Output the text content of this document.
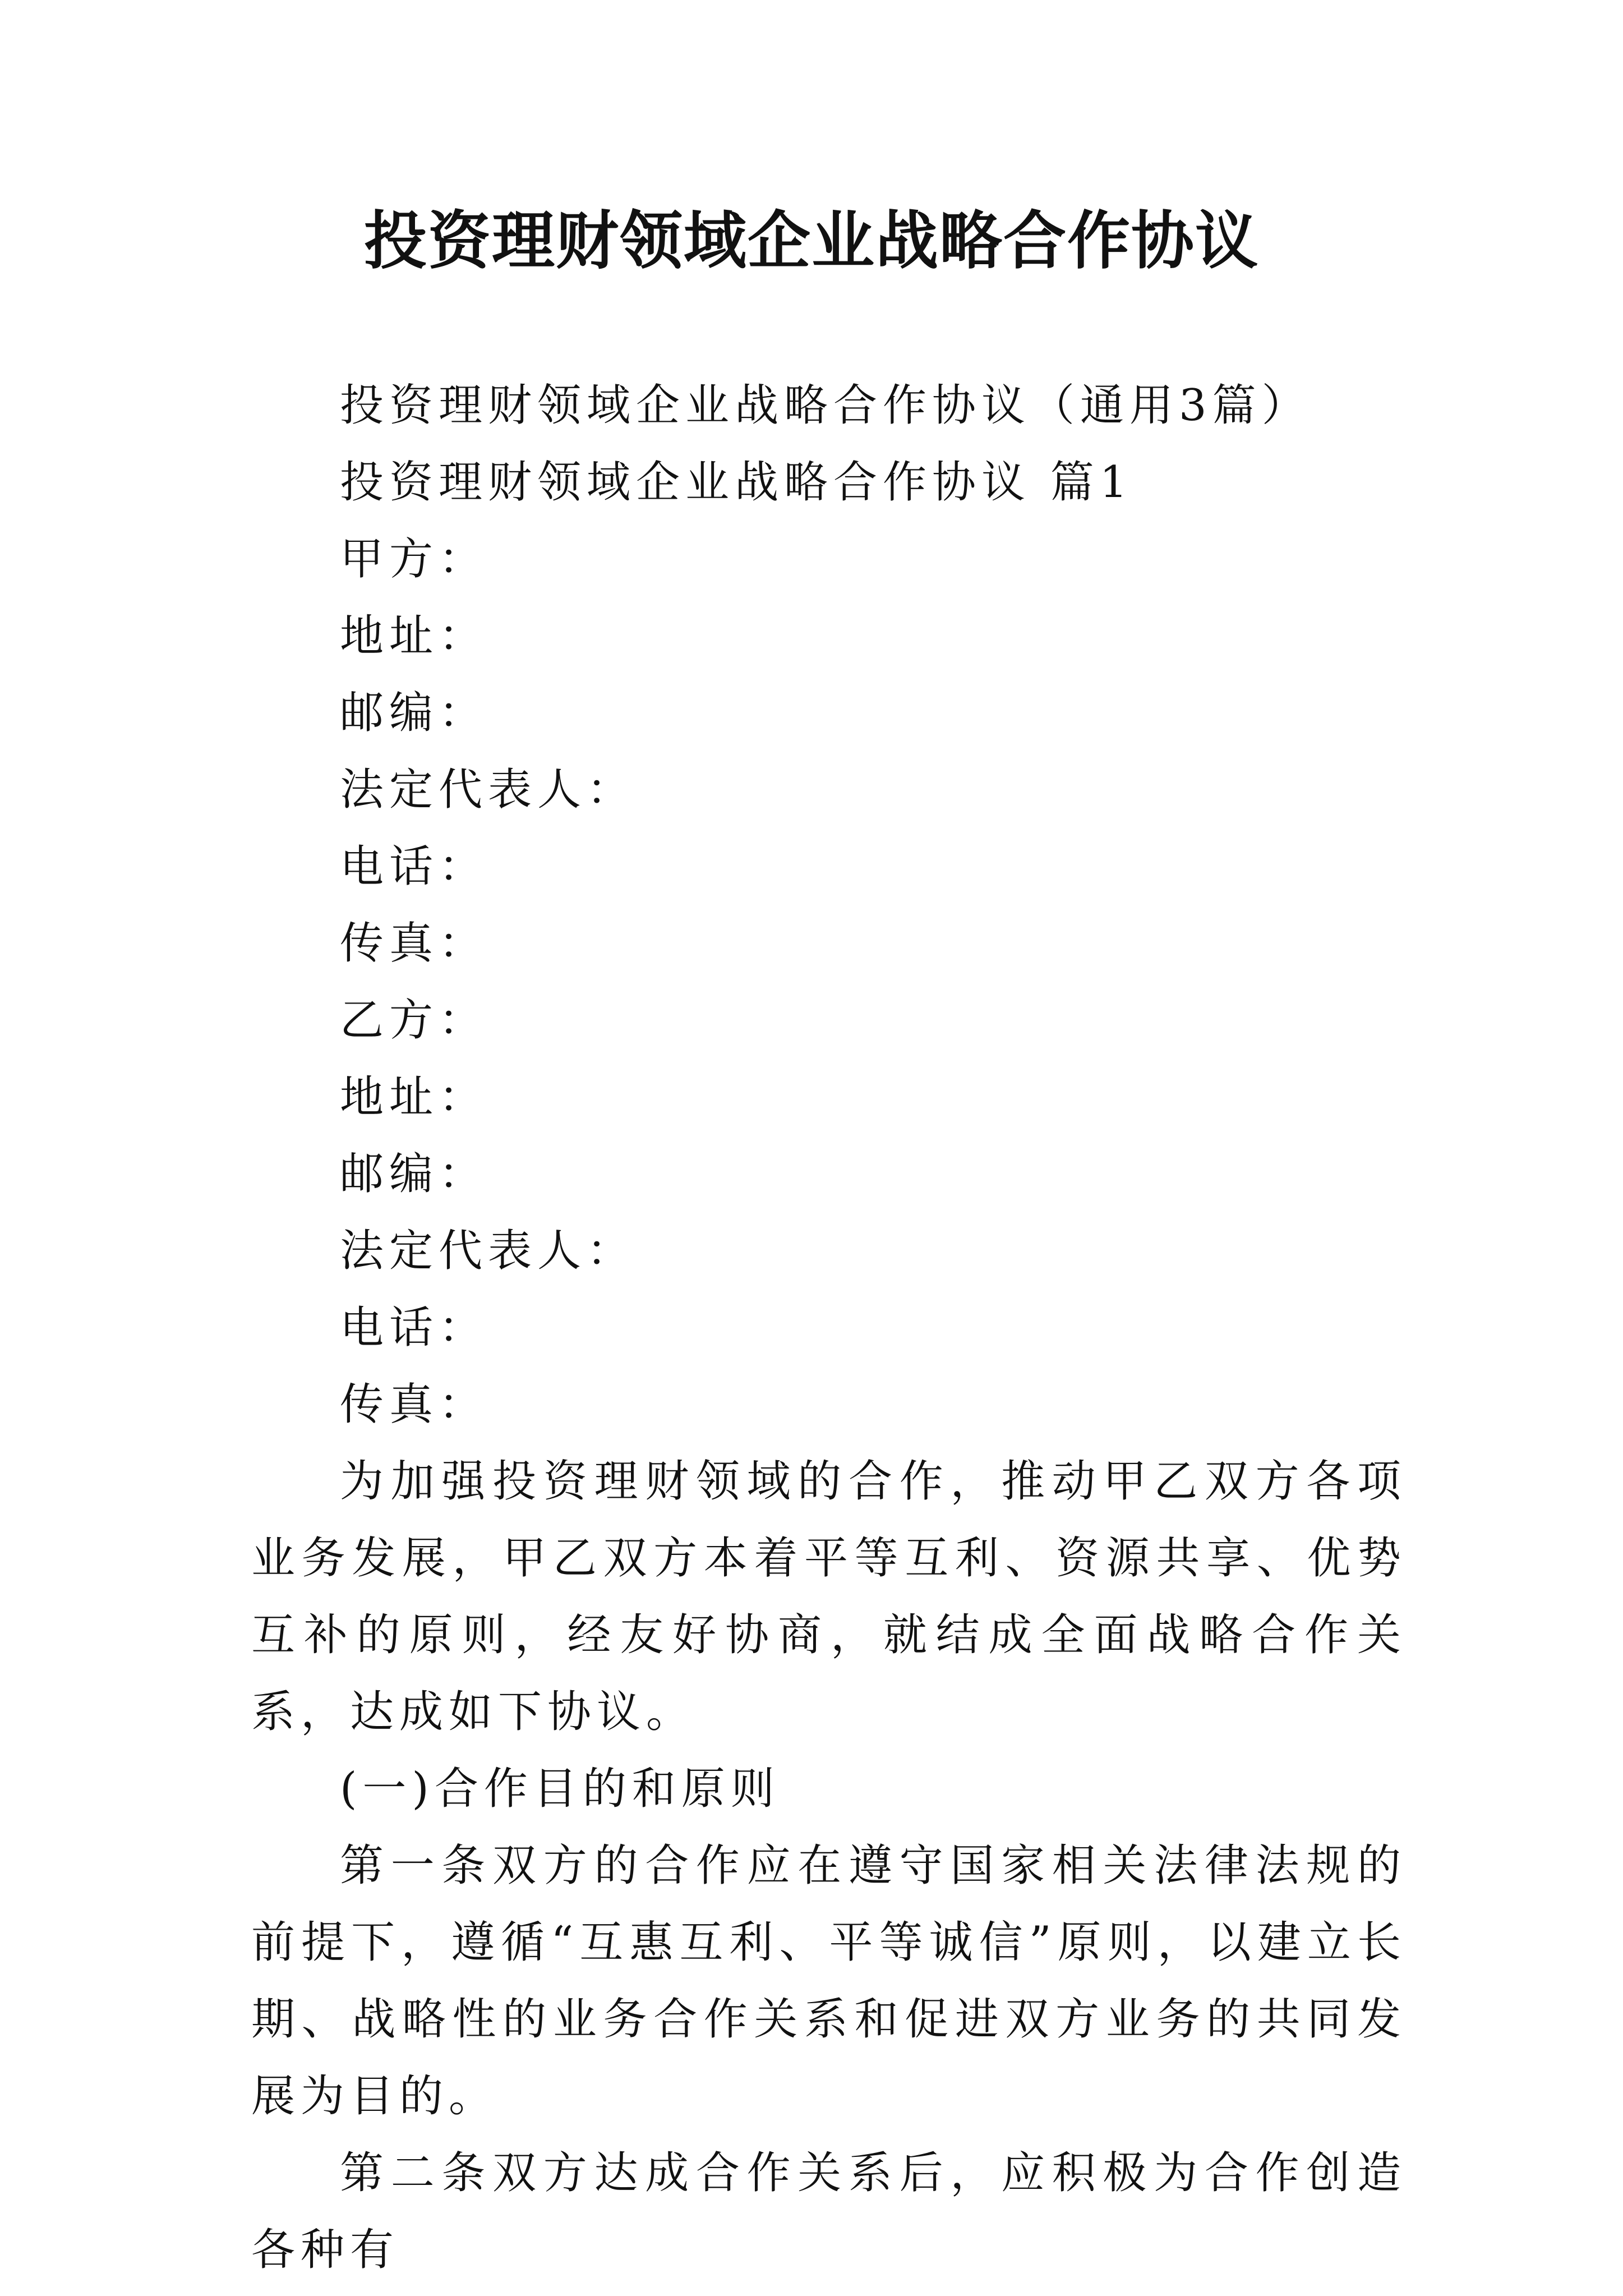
投资理财领域企业战略合作协议

投资理财领域企业战略合作协议（通用3篇）

投资理财领域企业战略合作协议 篇1

甲方：

地址：

邮编：

法定代表人：

电话：

传真：

乙方：

地址：

邮编：

法定代表人：

电话：

传真：

为加强投资理财领域的合作，推动甲乙双方各项业务发展，甲乙双方本着平等互利、资源共享、优势互补的原则，经友好协商，就结成全面战略合作关系，达成如下协议。

(一)合作目的和原则

第一条双方的合作应在遵守国家相关法律法规的前提下，遵循“互惠互利、平等诚信”原则，以建立长期、战略性的业务合作关系和促进双方业务的共同发展为目的。

第二条双方达成合作关系后，应积极为合作创造各种有
